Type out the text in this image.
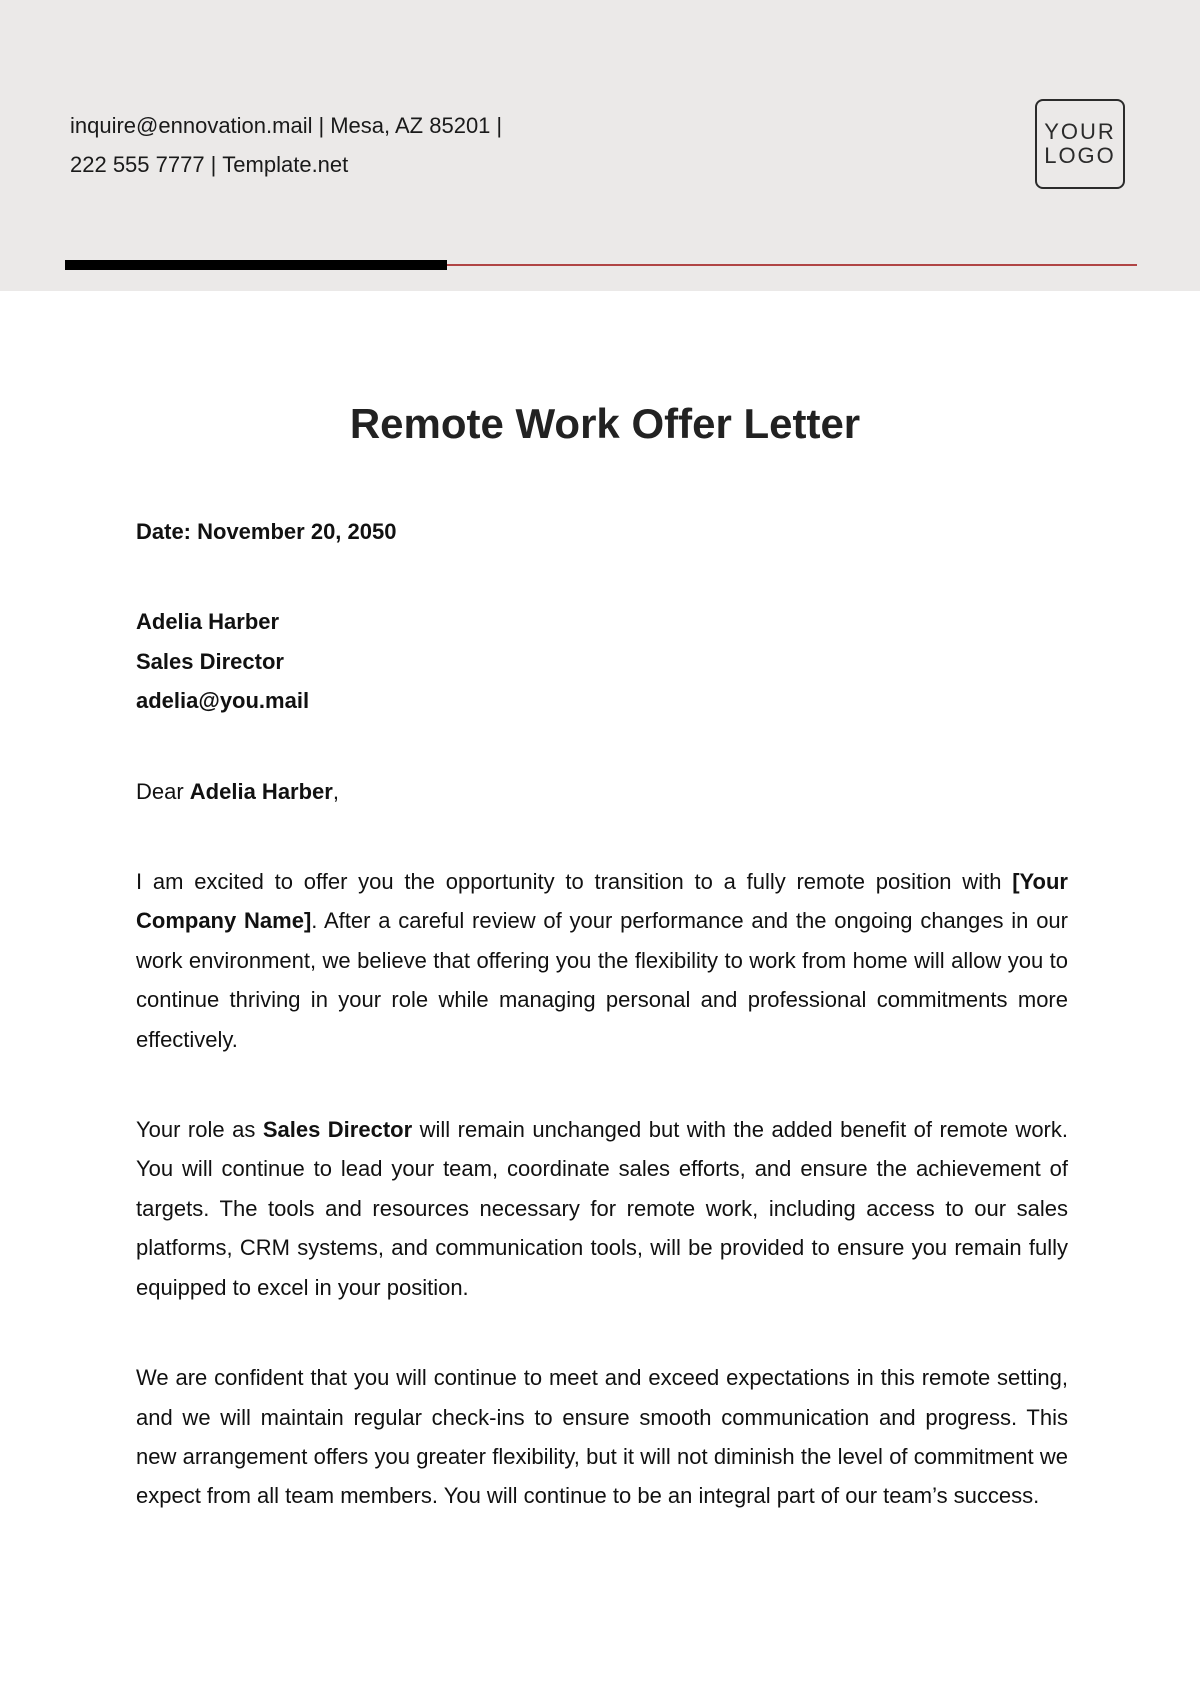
inquire@ennovation.mail | Mesa, AZ 85201 |
222 555 7777 | Template.net
YOUR
LOGO
Remote Work Offer Letter

Date: November 20, 2050

Adelia Harber
Sales Director
adelia@you.mail

Dear Adelia Harber,

I am excited to offer you the opportunity to transition to a fully remote position with [Your Company Name]. After a careful review of your performance and the ongoing changes in our work environment, we believe that offering you the flexibility to work from home will allow you to continue thriving in your role while managing personal and professional commitments more effectively.

Your role as Sales Director will remain unchanged but with the added benefit of remote work. You will continue to lead your team, coordinate sales efforts, and ensure the achievement of targets. The tools and resources necessary for remote work, including access to our sales platforms, CRM systems, and communication tools, will be provided to ensure you remain fully equipped to excel in your position.

We are confident that you will continue to meet and exceed expectations in this remote setting, and we will maintain regular check-ins to ensure smooth communication and progress. This new arrangement offers you greater flexibility, but it will not diminish the level of commitment we expect from all team members. You will continue to be an integral part of our team’s success.
